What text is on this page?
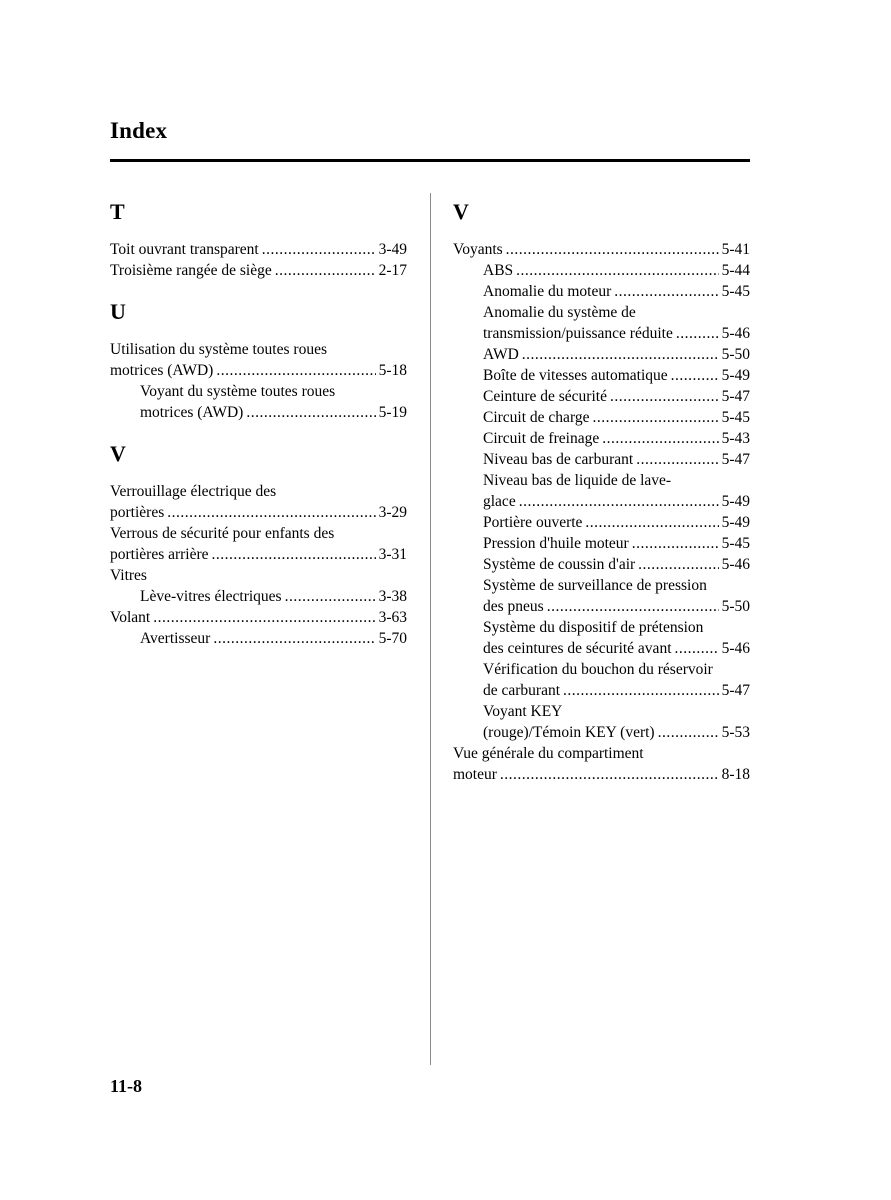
Index
T
Toit ouvrant transparent .....	3-49
Troisième rangée de siège .....	2-17
U
Utilisation du système toutes roues
motrices (AWD) .....	5-18
Voyant du système toutes roues
motrices (AWD) .....	5-19
V
Verrouillage électrique des
portières .....	3-29
Verrous de sécurité pour enfants des
portières arrière .....	3-31
Vitres
Lève-vitres électriques .....	3-38
Volant .....	3-63
Avertisseur .....	5-70
V
Voyants .....	5-41
ABS .....	5-44
Anomalie du moteur .....	5-45
Anomalie du système de
transmission/puissance réduite .....	5-46
AWD .....	5-50
Boîte de vitesses automatique .....	5-49
Ceinture de sécurité .....	5-47
Circuit de charge .....	5-45
Circuit de freinage .....	5-43
Niveau bas de carburant .....	5-47
Niveau bas de liquide de lave-
glace .....	5-49
Portière ouverte .....	5-49
Pression d'huile moteur .....	5-45
Système de coussin d'air .....	5-46
Système de surveillance de pression
des pneus .....	5-50
Système du dispositif de prétension
des ceintures de sécurité avant .....	5-46
Vérification du bouchon du réservoir
de carburant .....	5-47
Voyant KEY
(rouge)/Témoin KEY (vert) .....	5-53
Vue générale du compartiment
moteur .....	8-18
11-8
